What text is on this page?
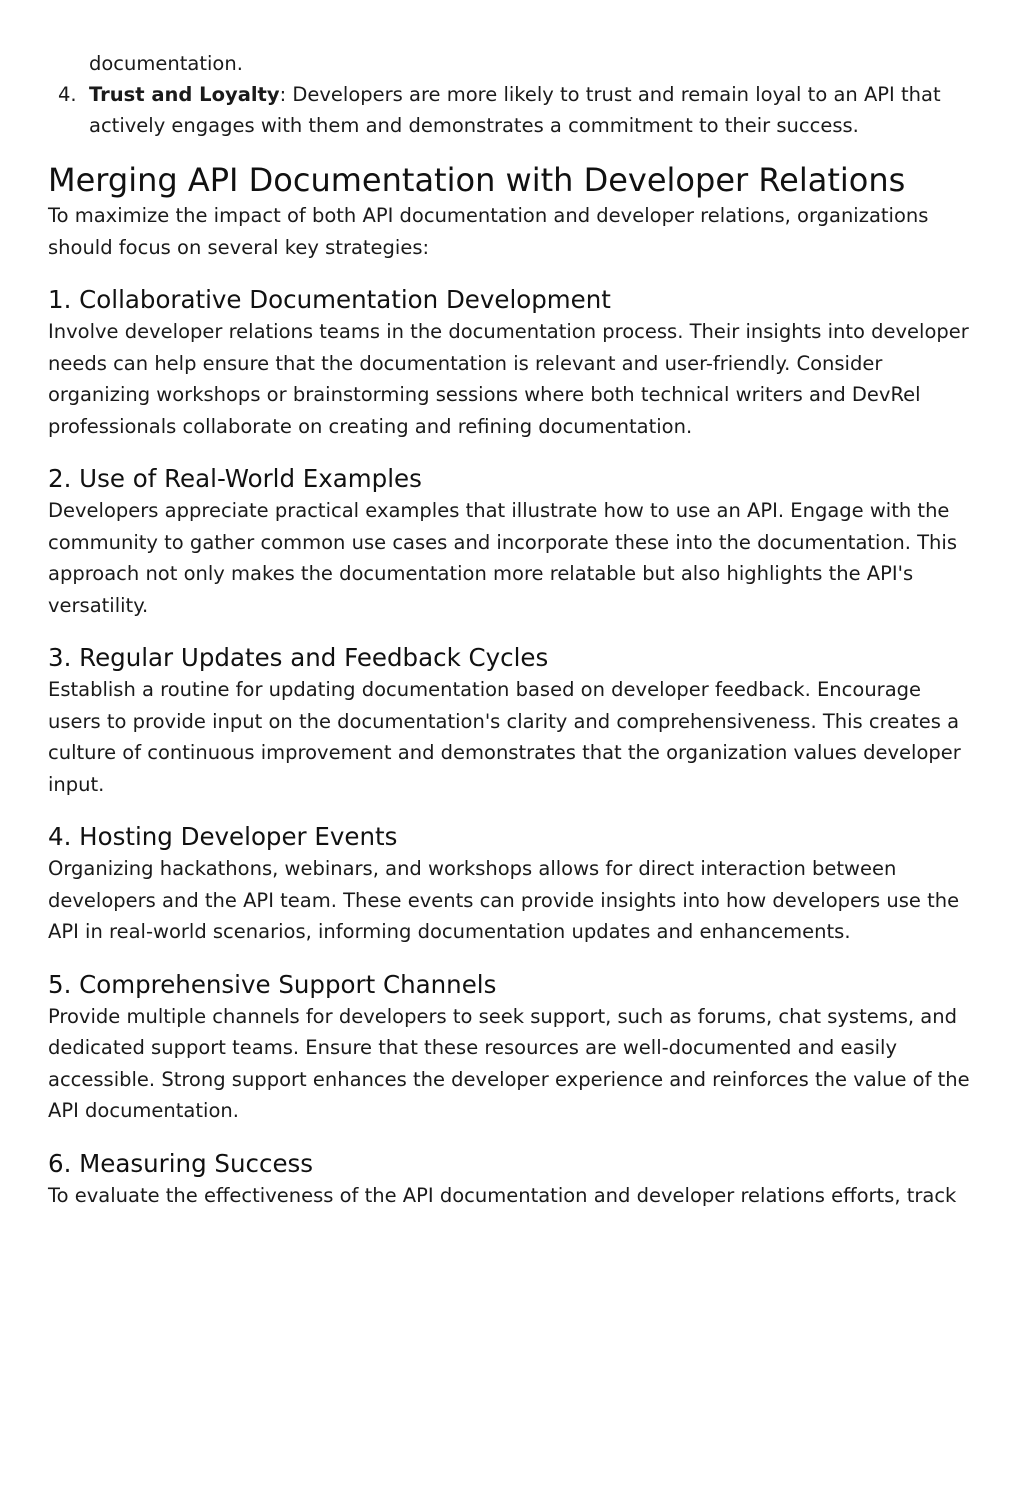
documentation.

4. Trust and Loyalty: Developers are more likely to trust and remain loyal to an API that actively engages with them and demonstrates a commitment to their success.

Merging API Documentation with Developer Relations

To maximize the impact of both API documentation and developer relations, organizations should focus on several key strategies:

1. Collaborative Documentation Development

Involve developer relations teams in the documentation process. Their insights into developer needs can help ensure that the documentation is relevant and user-friendly. Consider organizing workshops or brainstorming sessions where both technical writers and DevRel professionals collaborate on creating and refining documentation.

2. Use of Real-World Examples

Developers appreciate practical examples that illustrate how to use an API. Engage with the community to gather common use cases and incorporate these into the documentation. This approach not only makes the documentation more relatable but also highlights the API's versatility.

3. Regular Updates and Feedback Cycles

Establish a routine for updating documentation based on developer feedback. Encourage users to provide input on the documentation's clarity and comprehensiveness. This creates a culture of continuous improvement and demonstrates that the organization values developer input.

4. Hosting Developer Events

Organizing hackathons, webinars, and workshops allows for direct interaction between developers and the API team. These events can provide insights into how developers use the API in real-world scenarios, informing documentation updates and enhancements.

5. Comprehensive Support Channels

Provide multiple channels for developers to seek support, such as forums, chat systems, and dedicated support teams. Ensure that these resources are well-documented and easily accessible. Strong support enhances the developer experience and reinforces the value of the API documentation.

6. Measuring Success

To evaluate the effectiveness of the API documentation and developer relations efforts, track
